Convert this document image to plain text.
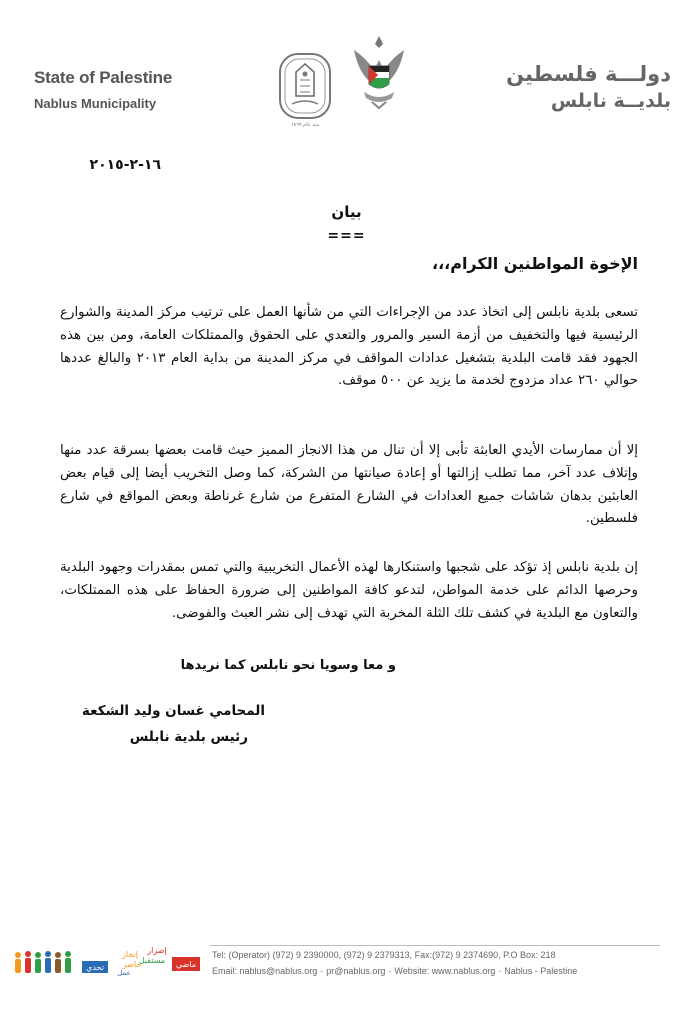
State of Palestine
Nablus Municipality
منذ عام ١٨٦٩
دولـــة فلسطين
بلديــة نابلس
١٦-٢-٢٠١٥
بيان
===
الإخوة المواطنين الكرام،،،
تسعى بلدية نابلس إلى اتخاذ عدد من الإجراءات التي من شأنها العمل على ترتيب مركز المدينة والشوارع الرئيسية فيها والتخفيف من أزمة السير والمرور والتعدي على الحقوق والممتلكات العامة، ومن بين هذه الجهود فقد قامت البلدية بتشغيل عدادات المواقف في مركز المدينة من بداية العام ٢٠١٣ والبالغ عددها حوالي ٢٦٠ عداد مزدوج لخدمة ما يزيد عن ٥٠٠ موقف.
إلا أن ممارسات الأيدي العابثة تأبى إلا أن تنال من هذا الانجاز المميز حيث قامت بعضها بسرقة عدد منها وإتلاف عدد آخر، مما تطلب إزالتها أو إعادة صيانتها من الشركة، كما وصل التخريب أيضا إلى قيام بعض العابثين بدهان شاشات جميع العدادات في الشارع المتفرع من شارع غرناطة وبعض المواقع في شارع فلسطين.
إن بلدية نابلس إذ تؤكد على شجبها واستنكارها لهذه الأعمال التخريبية والتي تمس بمقدرات وجهود البلدية وحرصها الدائم على خدمة المواطن، لتدعو كافة المواطنين إلى ضرورة الحفاظ على هذه الممتلكات، والتعاون مع البلدية في كشف تلك الثلة المخربة التي تهدف إلى نشر العبث والفوضى.
و معا وسويا نحو نابلس كما نريدها
المحامي غسان وليد الشكعة
رئيس بلدية نابلس
تحدي
عمل
حاضر
إنجاز
مستقبل
إصرار
ماضي
Tel: (Operator) (972) 9 2390000, (972) 9 2379313, Fax:(972) 9 2374690, P.O Box: 218
Email: nablus@nablus.org - pr@nablus.org - Website: www.nablus.org - Nablus - Palestine
